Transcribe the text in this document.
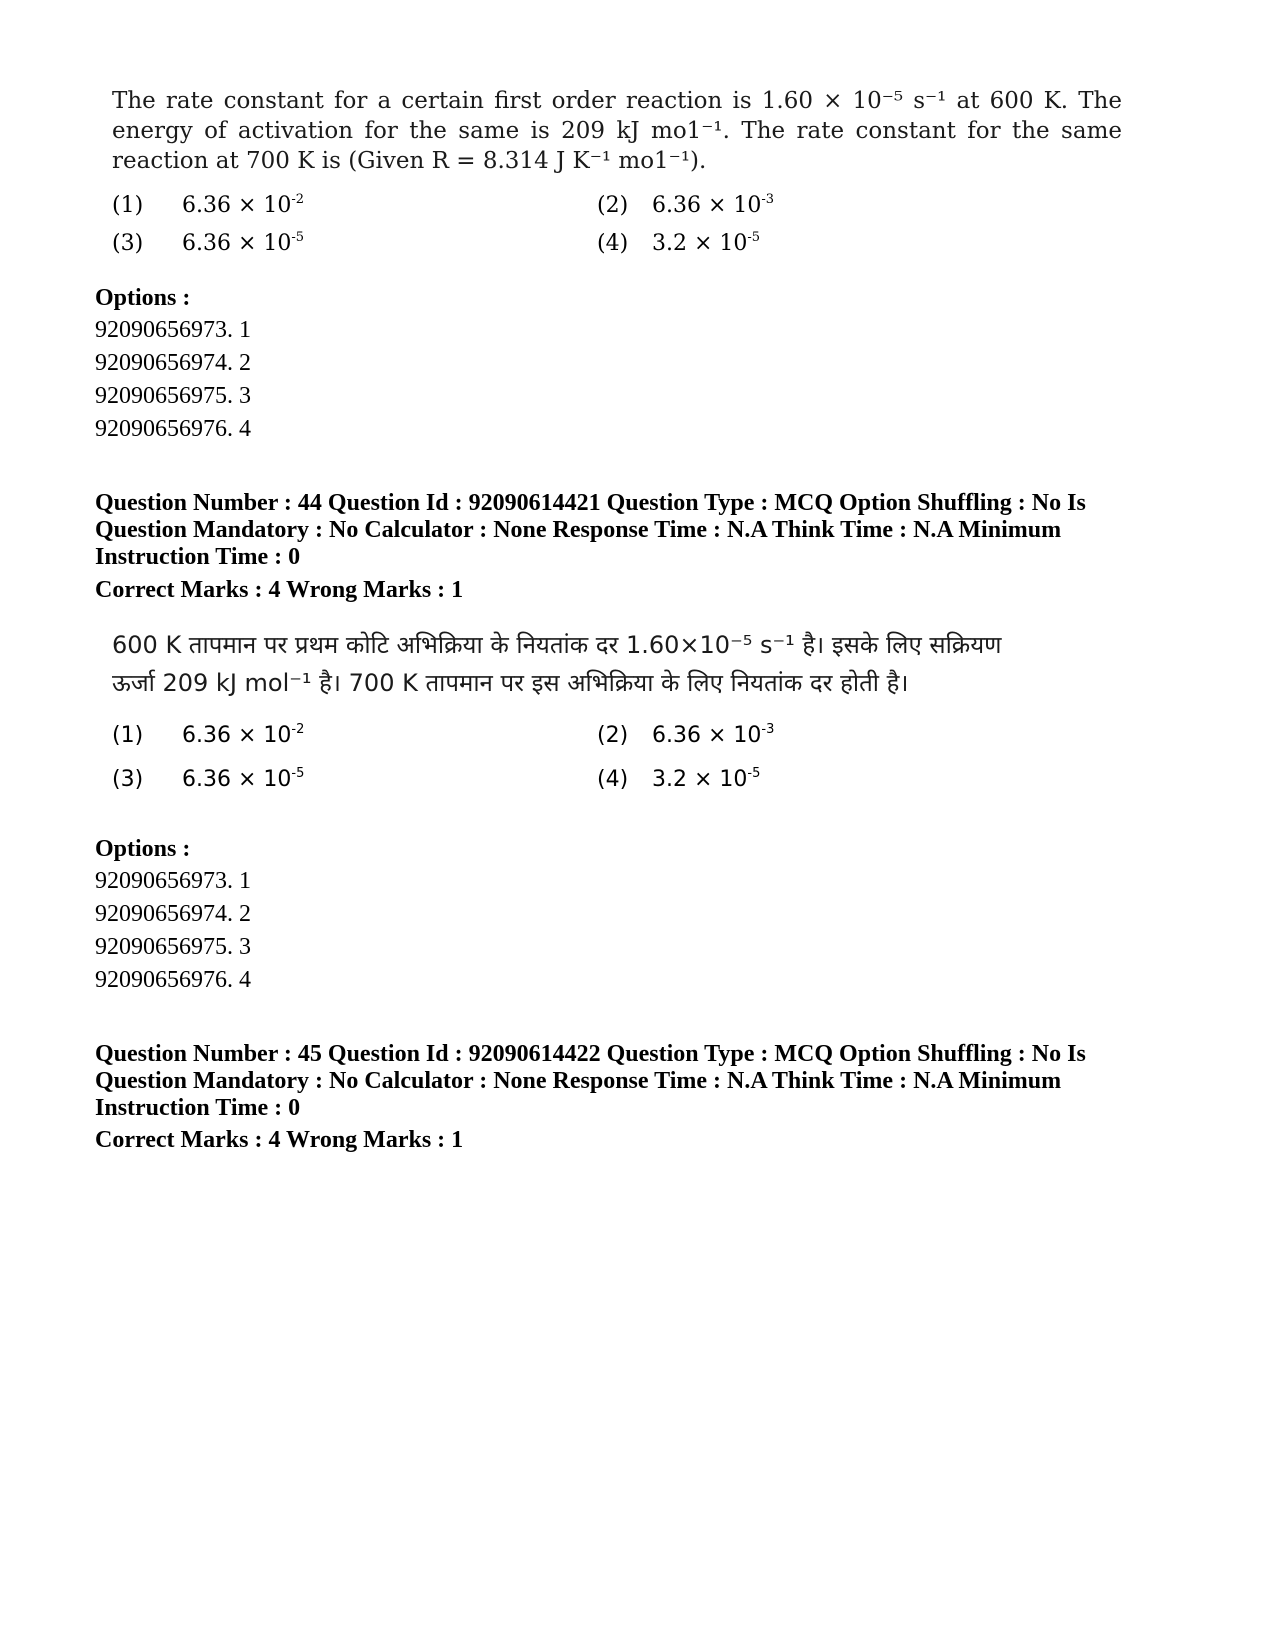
The rate constant for a certain first order reaction is 1.60 × 10⁻⁵ s⁻¹ at 600 K. The energy of activation for the same is 209 kJ mo1⁻¹. The rate constant for the same reaction at 700 K is (Given R = 8.314 J K⁻¹ mo1⁻¹).

(1) $6.36 \times 10^{-2}$	(2) $6.36 \times 10^{-3}$
(3) $6.36 \times 10^{-5}$	(4) $3.2 \times 10^{-5}$
Options :
92090656973. 1
92090656974. 2
92090656975. 3
92090656976. 4
Question Number : 44 Question Id : 92090614421 Question Type : MCQ Option Shuffling : No Is Question Mandatory : No Calculator : None Response Time : N.A Think Time : N.A Minimum Instruction Time : 0
Correct Marks : 4 Wrong Marks : 1

600 K तापमान पर प्रथम कोटि अभिक्रिया के नियतांक दर 1.60×10⁻⁵ s⁻¹ है। इसके लिए सक्रियण

ऊर्जा 209 kJ mol⁻¹ है। 700 K तापमान पर इस अभिक्रिया के लिए नियतांक दर होती है।

(1) $6.36 \times 10^{-2}$	(2) $6.36 \times 10^{-3}$
(3) $6.36 \times 10^{-5}$	(4) $3.2 \times 10^{-5}$
Options :
92090656973. 1
92090656974. 2
92090656975. 3
92090656976. 4
Question Number : 45 Question Id : 92090614422 Question Type : MCQ Option Shuffling : No Is Question Mandatory : No Calculator : None Response Time : N.A Think Time : N.A Minimum Instruction Time : 0
Correct Marks : 4 Wrong Marks : 1
